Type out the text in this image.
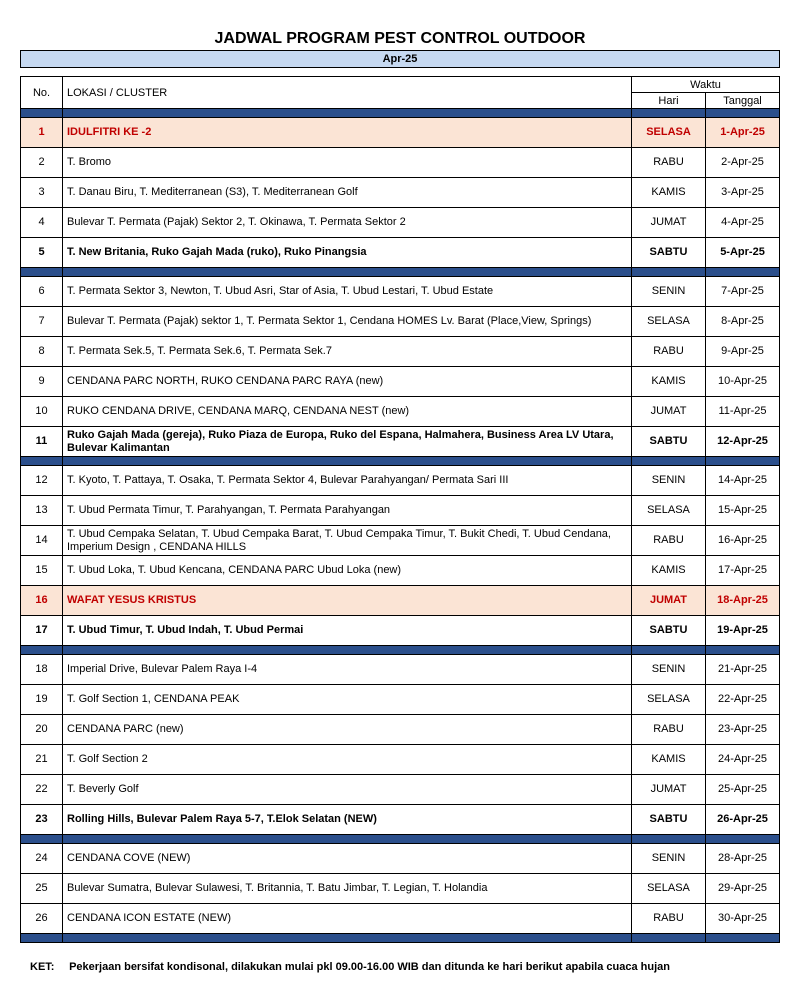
JADWAL PROGRAM PEST CONTROL OUTDOOR
Apr-25
No.	LOKASI / CLUSTER	Waktu	
		Hari	Tanggal

1	IDULFITRI KE -2	SELASA	1-Apr-25
2	T. Bromo	RABU	2-Apr-25
3	T. Danau Biru, T. Mediterranean (S3), T. Mediterranean Golf	KAMIS	3-Apr-25
4	Bulevar T. Permata (Pajak) Sektor 2, T. Okinawa, T. Permata Sektor 2	JUMAT	4-Apr-25
5	T. New Britania, Ruko Gajah Mada (ruko), Ruko Pinangsia	SABTU	5-Apr-25

6	T. Permata Sektor 3, Newton, T. Ubud Asri, Star of Asia, T. Ubud Lestari, T. Ubud Estate	SENIN	7-Apr-25
7	Bulevar T. Permata (Pajak) sektor 1, T. Permata Sektor 1, Cendana HOMES Lv. Barat (Place,View, Springs)	SELASA	8-Apr-25
8	T. Permata Sek.5, T. Permata Sek.6, T. Permata Sek.7	RABU	9-Apr-25
9	CENDANA PARC NORTH, RUKO CENDANA PARC RAYA (new)	KAMIS	10-Apr-25
10	RUKO CENDANA DRIVE, CENDANA MARQ, CENDANA NEST (new)	JUMAT	11-Apr-25
11	Ruko Gajah Mada (gereja), Ruko Piaza de Europa, Ruko del Espana, Halmahera, Business Area LV Utara, Bulevar Kalimantan	SABTU	12-Apr-25

12	T. Kyoto, T. Pattaya, T. Osaka, T. Permata Sektor 4, Bulevar Parahyangan/ Permata Sari III	SENIN	14-Apr-25
13	T. Ubud Permata Timur, T. Parahyangan, T. Permata Parahyangan	SELASA	15-Apr-25
14	T. Ubud Cempaka Selatan, T. Ubud Cempaka Barat, T. Ubud Cempaka Timur, T. Bukit Chedi, T. Ubud Cendana, Imperium Design , CENDANA HILLS	RABU	16-Apr-25
15	T. Ubud Loka, T. Ubud Kencana, CENDANA PARC Ubud Loka (new)	KAMIS	17-Apr-25
16	WAFAT YESUS KRISTUS	JUMAT	18-Apr-25
17	T. Ubud Timur, T. Ubud Indah, T. Ubud Permai	SABTU	19-Apr-25

18	Imperial Drive, Bulevar Palem Raya I-4	SENIN	21-Apr-25
19	T. Golf Section 1, CENDANA PEAK	SELASA	22-Apr-25
20	CENDANA PARC (new)	RABU	23-Apr-25
21	T. Golf Section 2	KAMIS	24-Apr-25
22	T. Beverly Golf	JUMAT	25-Apr-25
23	Rolling Hills, Bulevar Palem Raya 5-7, T.Elok Selatan (NEW)	SABTU	26-Apr-25

24	CENDANA COVE (NEW)	SENIN	28-Apr-25
25	Bulevar Sumatra, Bulevar Sulawesi, T. Britannia, T. Batu Jimbar, T. Legian, T. Holandia	SELASA	29-Apr-25
26	CENDANA ICON ESTATE (NEW)	RABU	30-Apr-25

KET: Pekerjaan bersifat kondisonal, dilakukan mulai pkl 09.00-16.00 WIB dan ditunda ke hari berikut apabila cuaca hujan
